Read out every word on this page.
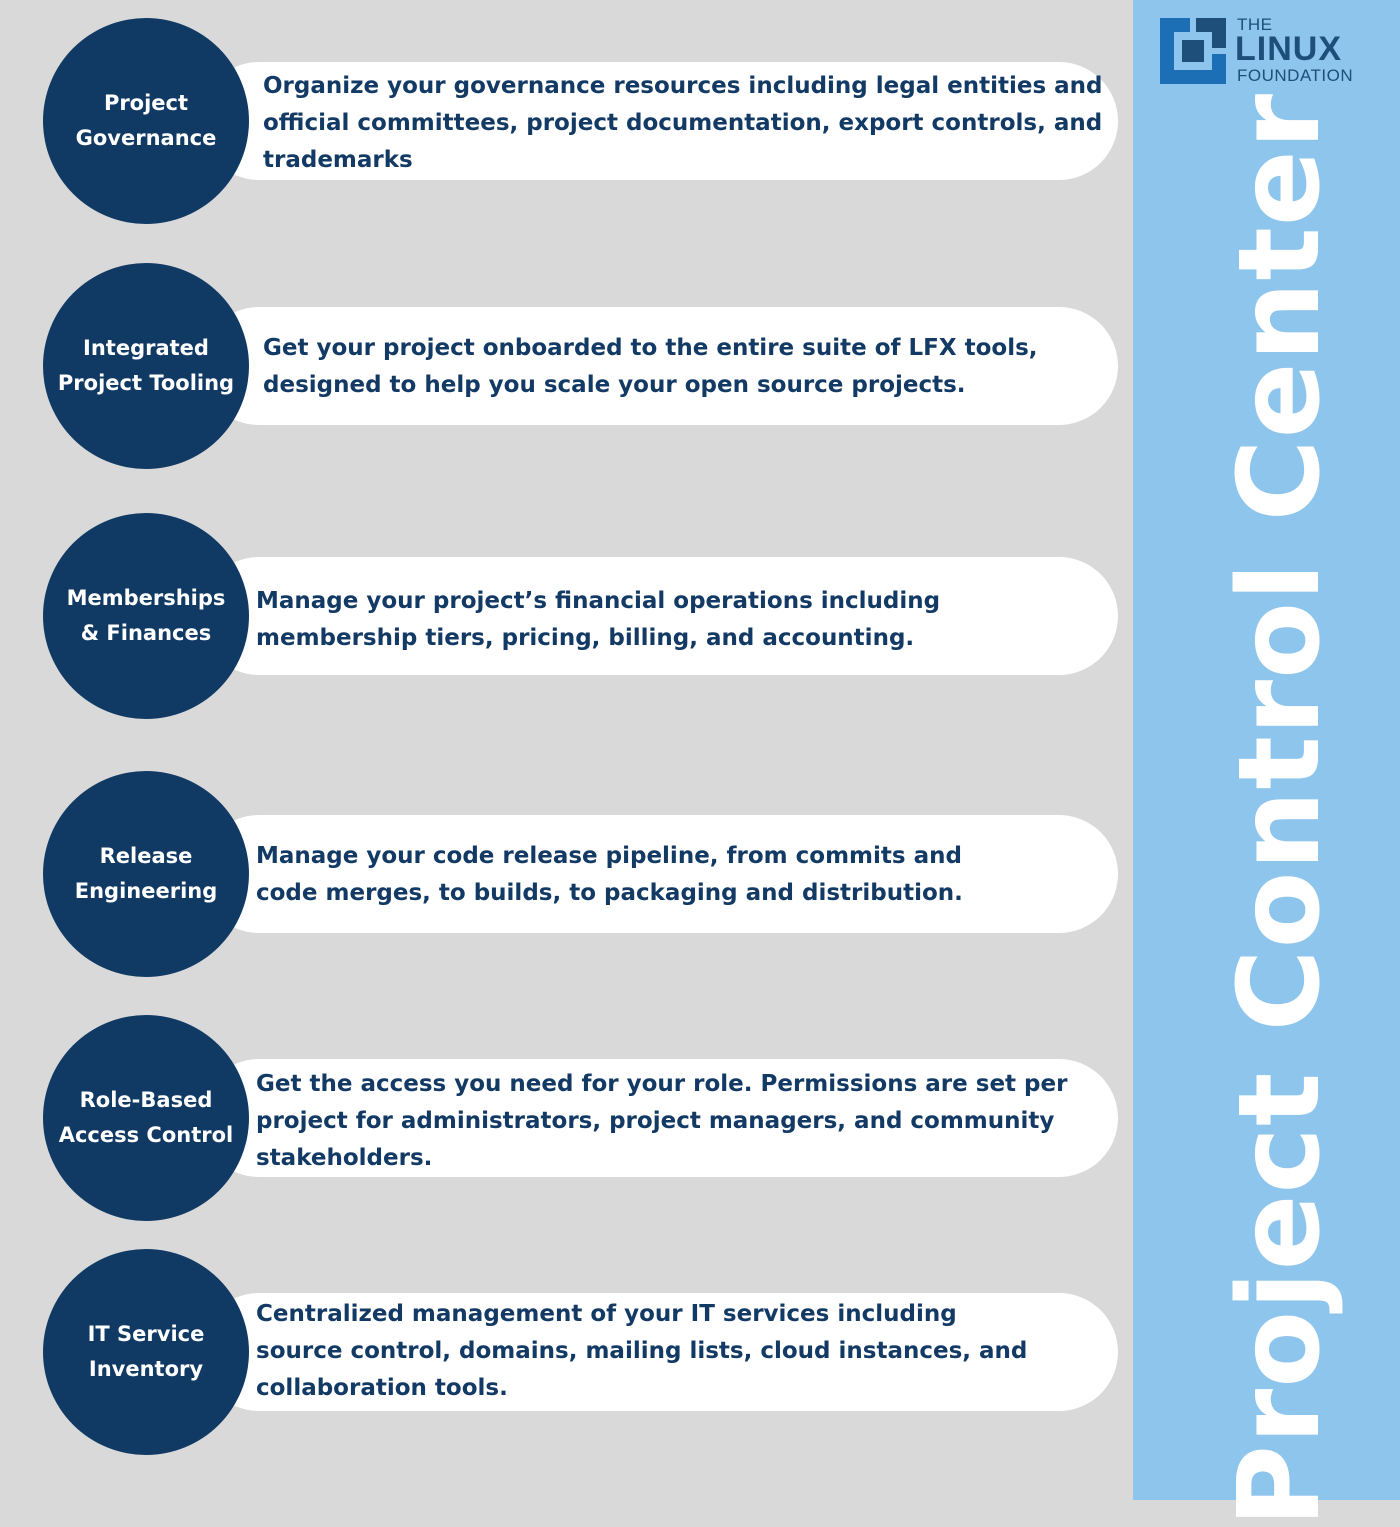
THE
LINUX
FOUNDATION
Project Control Center
Organize your governance resources including legal entities and official committees, project documentation, export controls, and trademarks
Project Governance
Get your project onboarded to the entire suite of LFX tools, designed to help you scale your open source projects.
Integrated Project Tooling
Manage your project’s financial operations including membership tiers, pricing, billing, and accounting.
Memberships & Finances
Manage your code release pipeline, from commits and code merges, to builds, to packaging and distribution.
Release Engineering
Get the access you need for your role. Permissions are set per project for administrators, project managers, and community stakeholders.
Role-Based Access Control
Centralized management of your IT services including source control, domains, mailing lists, cloud instances, and collaboration tools.
IT Service Inventory
